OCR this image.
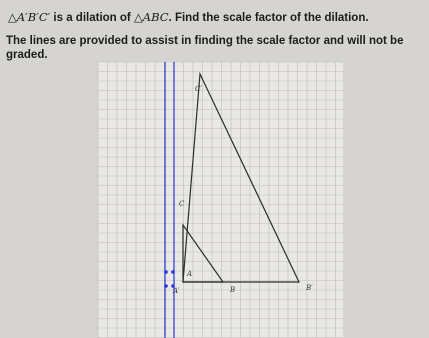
△A′B′C′ is a dilation of △ABC. Find the scale factor of the dilation.
The lines are provided to assist in finding the scale factor and will not be graded.
C′
C
A
B	B′
A′
